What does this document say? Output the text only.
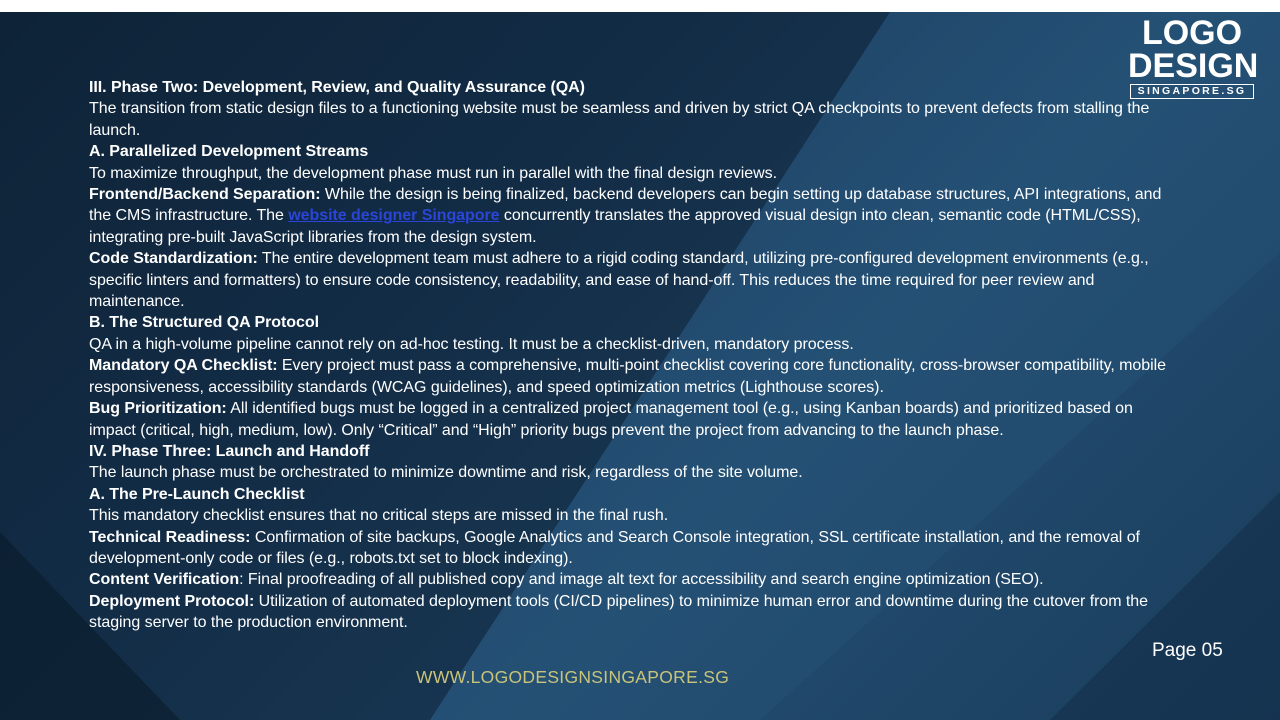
LOGO
DESIGN
SINGAPORE.SG

III. Phase Two: Development, Review, and Quality Assurance (QA)

The transition from static design files to a functioning website must be seamless and driven by strict QA checkpoints to prevent defects from stalling the launch.

A. Parallelized Development Streams

To maximize throughput, the development phase must run in parallel with the final design reviews.

Frontend/Backend Separation: While the design is being finalized, backend developers can begin setting up database structures, API integrations, and the CMS infrastructure. The website designer Singapore concurrently translates the approved visual design into clean, semantic code (HTML/CSS), integrating pre-built JavaScript libraries from the design system.

Code Standardization: The entire development team must adhere to a rigid coding standard, utilizing pre-configured development environments (e.g., specific linters and formatters) to ensure code consistency, readability, and ease of hand-off. This reduces the time required for peer review and maintenance.

B. The Structured QA Protocol

QA in a high-volume pipeline cannot rely on ad-hoc testing. It must be a checklist-driven, mandatory process.

Mandatory QA Checklist: Every project must pass a comprehensive, multi-point checklist covering core functionality, cross-browser compatibility, mobile responsiveness, accessibility standards (WCAG guidelines), and speed optimization metrics (Lighthouse scores).

Bug Prioritization: All identified bugs must be logged in a centralized project management tool (e.g., using Kanban boards) and prioritized based on impact (critical, high, medium, low). Only “Critical” and “High” priority bugs prevent the project from advancing to the launch phase.

IV. Phase Three: Launch and Handoff

The launch phase must be orchestrated to minimize downtime and risk, regardless of the site volume.

A. The Pre-Launch Checklist

This mandatory checklist ensures that no critical steps are missed in the final rush.

Technical Readiness: Confirmation of site backups, Google Analytics and Search Console integration, SSL certificate installation, and the removal of development-only code or files (e.g., robots.txt set to block indexing).

Content Verification: Final proofreading of all published copy and image alt text for accessibility and search engine optimization (SEO).

Deployment Protocol: Utilization of automated deployment tools (CI/CD pipelines) to minimize human error and downtime during the cutover from the staging server to the production environment.

WWW.LOGODESIGNSINGAPORE.SG
Page 05
